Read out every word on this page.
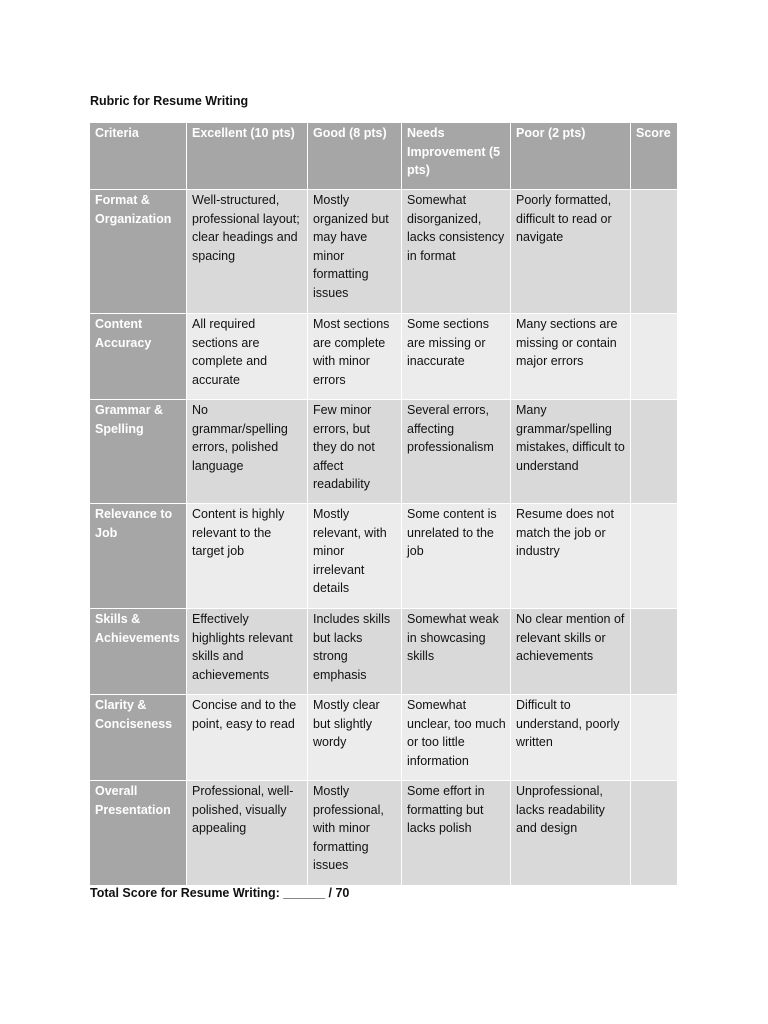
Rubric for Resume Writing
Criteria	Excellent (10 pts)	Good (8 pts)	Needs Improvement (5 pts)	Poor (2 pts)	Score
Format & Organization	Well-structured, professional layout; clear headings and spacing	Mostly organized but may have minor formatting issues	Somewhat disorganized, lacks consistency in format	Poorly formatted, difficult to read or navigate	
Content Accuracy	All required sections are complete and accurate	Most sections are complete with minor errors	Some sections are missing or inaccurate	Many sections are missing or contain major errors	
Grammar & Spelling	No grammar/spelling errors, polished language	Few minor errors, but they do not affect readability	Several errors, affecting professionalism	Many grammar/spelling mistakes, difficult to understand	
Relevance to Job	Content is highly relevant to the target job	Mostly relevant, with minor irrelevant details	Some content is unrelated to the job	Resume does not match the job or industry	
Skills & Achievements	Effectively highlights relevant skills and achievements	Includes skills but lacks strong emphasis	Somewhat weak in showcasing skills	No clear mention of relevant skills or achievements	
Clarity & Conciseness	Concise and to the point, easy to read	Mostly clear but slightly wordy	Somewhat unclear, too much or too little information	Difficult to understand, poorly written	
Overall Presentation	Professional, well-polished, visually appealing	Mostly professional, with minor formatting issues	Some effort in formatting but lacks polish	Unprofessional, lacks readability and design	
Total Score for Resume Writing: ______ / 70
